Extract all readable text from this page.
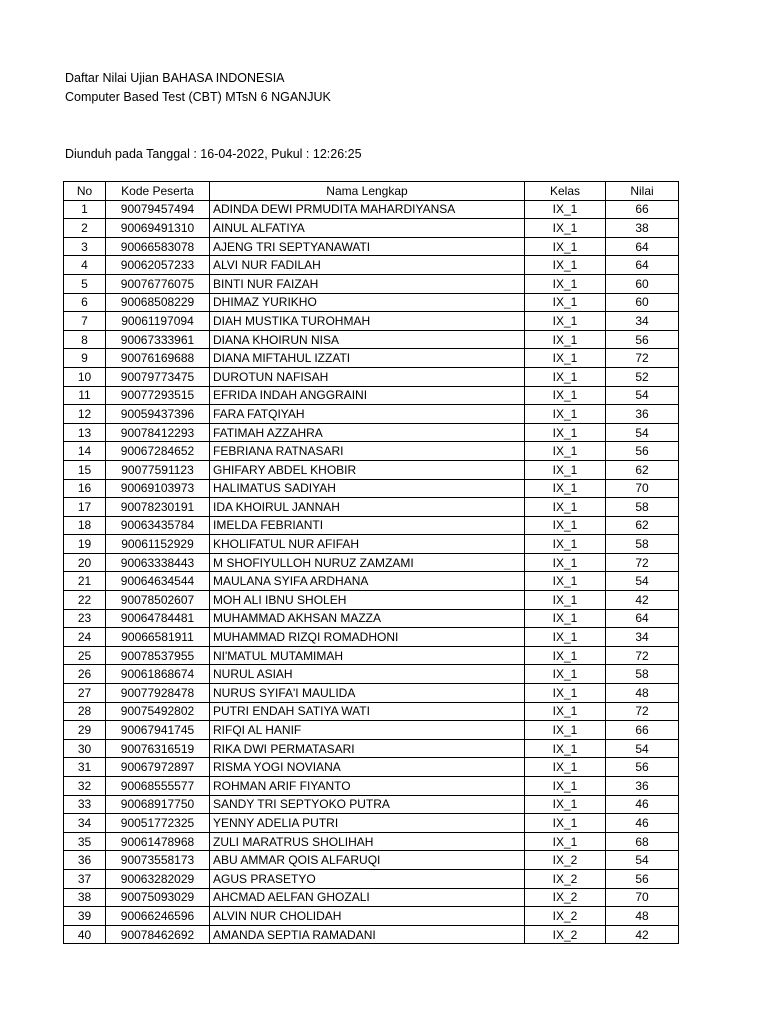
Daftar Nilai Ujian BAHASA INDONESIA
Computer Based Test (CBT) MTsN 6 NGANJUK
Diunduh pada Tanggal : 16-04-2022, Pukul : 12:26:25
No	Kode Peserta	Nama Lengkap	Kelas	Nilai
1	90079457494	ADINDA DEWI PRMUDITA MAHARDIYANSA	IX_1	66
2	90069491310	AINUL ALFATIYA	IX_1	38
3	90066583078	AJENG TRI SEPTYANAWATI	IX_1	64
4	90062057233	ALVI NUR FADILAH	IX_1	64
5	90076776075	BINTI NUR FAIZAH	IX_1	60
6	90068508229	DHIMAZ YURIKHO	IX_1	60
7	90061197094	DIAH MUSTIKA TUROHMAH	IX_1	34
8	90067333961	DIANA KHOIRUN NISA	IX_1	56
9	90076169688	DIANA MIFTAHUL IZZATI	IX_1	72
10	90079773475	DUROTUN NAFISAH	IX_1	52
11	90077293515	EFRIDA INDAH ANGGRAINI	IX_1	54
12	90059437396	FARA FATQIYAH	IX_1	36
13	90078412293	FATIMAH AZZAHRA	IX_1	54
14	90067284652	FEBRIANA RATNASARI	IX_1	56
15	90077591123	GHIFARY ABDEL KHOBIR	IX_1	62
16	90069103973	HALIMATUS SADIYAH	IX_1	70
17	90078230191	IDA KHOIRUL JANNAH	IX_1	58
18	90063435784	IMELDA FEBRIANTI	IX_1	62
19	90061152929	KHOLIFATUL NUR AFIFAH	IX_1	58
20	90063338443	M SHOFIYULLOH NURUZ ZAMZAMI	IX_1	72
21	90064634544	MAULANA SYIFA ARDHANA	IX_1	54
22	90078502607	MOH ALI IBNU SHOLEH	IX_1	42
23	90064784481	MUHAMMAD AKHSAN MAZZA	IX_1	64
24	90066581911	MUHAMMAD RIZQI ROMADHONI	IX_1	34
25	90078537955	NI'MATUL MUTAMIMAH	IX_1	72
26	90061868674	NURUL ASIAH	IX_1	58
27	90077928478	NURUS SYIFA'I MAULIDA	IX_1	48
28	90075492802	PUTRI ENDAH SATIYA WATI	IX_1	72
29	90067941745	RIFQI AL HANIF	IX_1	66
30	90076316519	RIKA DWI PERMATASARI	IX_1	54
31	90067972897	RISMA YOGI NOVIANA	IX_1	56
32	90068555577	ROHMAN ARIF FIYANTO	IX_1	36
33	90068917750	SANDY TRI SEPTYOKO PUTRA	IX_1	46
34	90051772325	YENNY ADELIA PUTRI	IX_1	46
35	90061478968	ZULI MARATRUS SHOLIHAH	IX_1	68
36	90073558173	ABU AMMAR QOIS ALFARUQI	IX_2	54
37	90063282029	AGUS PRASETYO	IX_2	56
38	90075093029	AHCMAD AELFAN GHOZALI	IX_2	70
39	90066246596	ALVIN NUR CHOLIDAH	IX_2	48
40	90078462692	AMANDA SEPTIA RAMADANI	IX_2	42
